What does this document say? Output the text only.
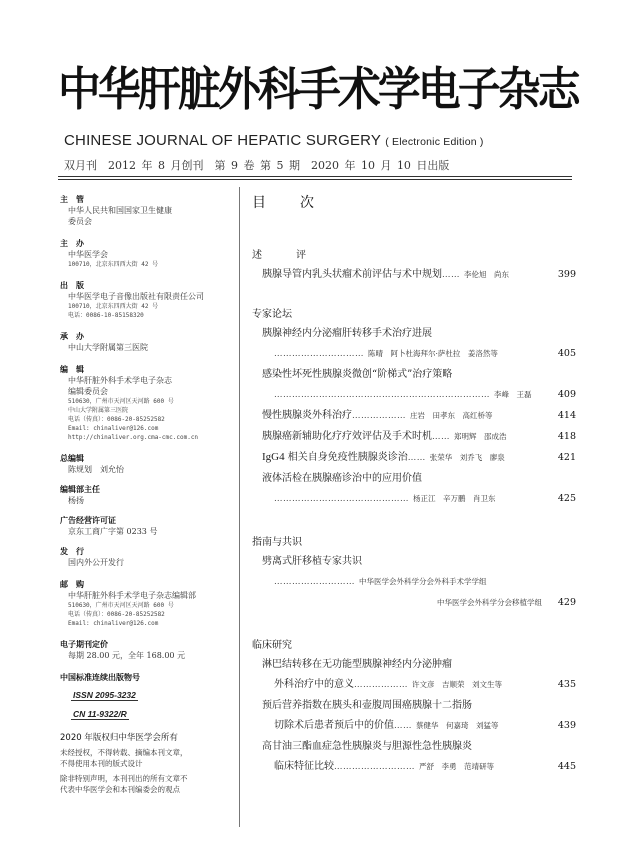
中华肝脏外科手术学电子杂志
CHINESE JOURNAL OF HEPATIC SURGERY ( Electronic Edition )
双月刊　2012 年 8 月创刊　第 9 卷 第 5 期　2020 年 10 月 10 日出版
主　管
中华人民共和国国家卫生健康
委员会
主　办
中华医学会
100710，北京东四西大街 42 号
出　版
中华医学电子音像出版社有限责任公司
100710，北京东四西大街 42 号
电话：0086-10-85158320
承　办
中山大学附属第三医院
编　辑
中华肝脏外科手术学电子杂志
编辑委员会
510630，广州市天河区天河路 600 号
中山大学附属第三医院
电话（传真）：0086-20-85252582
Email: chinaliver@126.com
http://chinaliver.org.cma-cmc.com.cn
总编辑
陈规划　刘允怡
编辑部主任
杨扬
广告经营许可证
京东工商广字第 0233 号
发　行
国内外公开发行
邮　购
中华肝脏外科手术学电子杂志编辑部
510630，广州市天河区天河路 600 号
电话（传真）：0086-20-85252582
Email: chinaliver@126.com
电子期刊定价
每期 28.00 元，全年 168.00 元
中国标准连续出版物号
ISSN 2095-3232
CN 11-9322/R
2020 年版权归中华医学会所有
未经授权，不得转载、摘编本刊文章，
不得使用本刊的版式设计
除非特别声明，本刊刊出的所有文章不
代表中华医学会和本刊编委会的观点
目　次
述　评
胰腺导管内乳头状瘤术前评估与术中规划…… 李伦旭　尚东	399
专家论坛
胰腺神经内分泌瘤肝转移手术治疗进展
………………………… 陈晴　阿卜杜海拜尔·萨杜拉　姜洛然等	405
感染性坏死性胰腺炎微创“阶梯式”治疗策略
……………………………………………………………… 李峰　王磊	409
慢性胰腺炎外科治疗……………… 庄岩　田孝东　高红桥等	414
胰腺癌新辅助化疗疗效评估及手术时机…… 郑明辉　邵成浩	418
IgG4 相关自身免疫性胰腺炎诊治…… 张荣华　刘乔飞　廖泉	421
液体活检在胰腺癌诊治中的应用价值
……………………………………… 杨正江　辛万鹏　肖卫东	425
指南与共识
劈离式肝移植专家共识
……………………… 中华医学会外科学分会外科手术学学组
中华医学会外科学分会移植学组 429
临床研究
淋巴结转移在无功能型胰腺神经内分泌肿瘤
外科治疗中的意义……………… 许文彦　吉顺荣　刘文生等	435
预后营养指数在胰头和壶腹周围癌胰腺十二指肠
切除术后患者预后中的价值…… 蔡健华　何嘉琦　刘猛等	439
高甘油三酯血症急性胰腺炎与胆源性急性胰腺炎
临床特征比较……………………… 严舒　李勇　范靖研等	445
